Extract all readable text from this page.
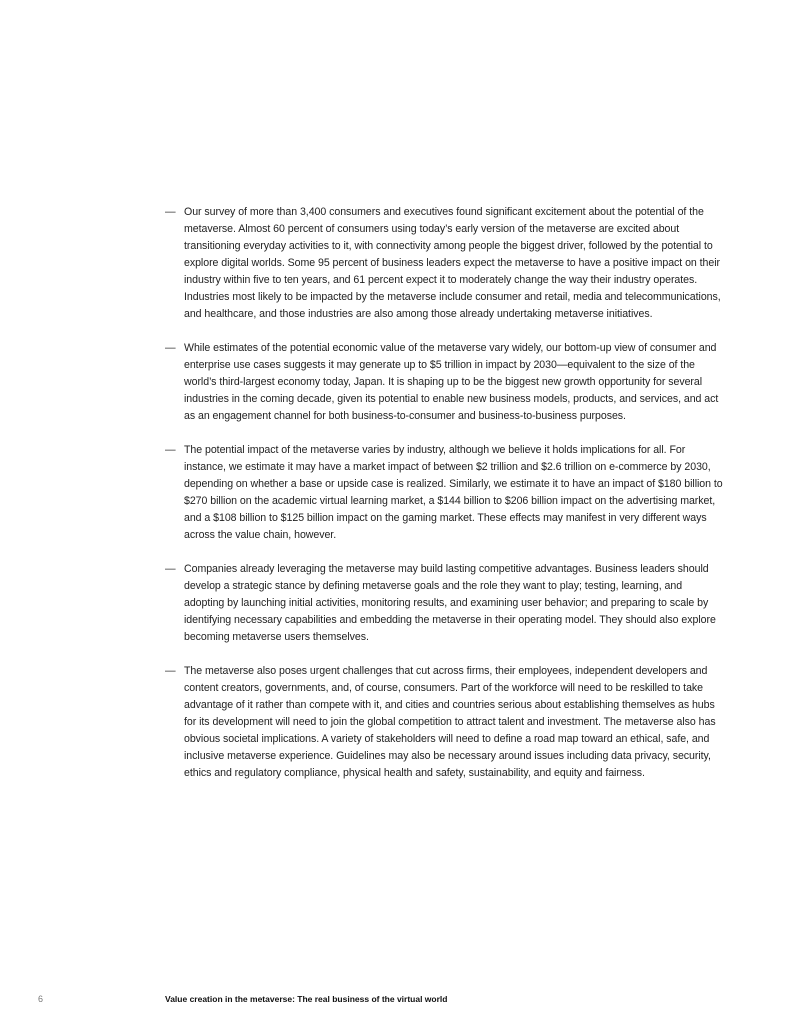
— Our survey of more than 3,400 consumers and executives found significant excitement about the potential of the metaverse. Almost 60 percent of consumers using today’s early version of the metaverse are excited about transitioning everyday activities to it, with connectivity among people the biggest driver, followed by the potential to explore digital worlds. Some 95 percent of business leaders expect the metaverse to have a positive impact on their industry within five to ten years, and 61 percent expect it to moderately change the way their industry operates. Industries most likely to be impacted by the metaverse include consumer and retail, media and telecommunications, and healthcare, and those industries are also among those already undertaking metaverse initiatives.
— While estimates of the potential economic value of the metaverse vary widely, our bottom-up view of consumer and enterprise use cases suggests it may generate up to $5 trillion in impact by 2030—equivalent to the size of the world’s third-largest economy today, Japan. It is shaping up to be the biggest new growth opportunity for several industries in the coming decade, given its potential to enable new business models, products, and services, and act as an engagement channel for both business-to-consumer and business-to-business purposes.
— The potential impact of the metaverse varies by industry, although we believe it holds implications for all. For instance, we estimate it may have a market impact of between $2 trillion and $2.6 trillion on e-commerce by 2030, depending on whether a base or upside case is realized. Similarly, we estimate it to have an impact of $180 billion to $270 billion on the academic virtual learning market, a $144 billion to $206 billion impact on the advertising market, and a $108 billion to $125 billion impact on the gaming market. These effects may manifest in very different ways across the value chain, however.
— Companies already leveraging the metaverse may build lasting competitive advantages. Business leaders should develop a strategic stance by defining metaverse goals and the role they want to play; testing, learning, and adopting by launching initial activities, monitoring results, and examining user behavior; and preparing to scale by identifying necessary capabilities and embedding the metaverse in their operating model. They should also explore becoming metaverse users themselves.
— The metaverse also poses urgent challenges that cut across firms, their employees, independent developers and content creators, governments, and, of course, consumers. Part of the workforce will need to be reskilled to take advantage of it rather than compete with it, and cities and countries serious about establishing themselves as hubs for its development will need to join the global competition to attract talent and investment. The metaverse also has obvious societal implications. A variety of stakeholders will need to define a road map toward an ethical, safe, and inclusive metaverse experience. Guidelines may also be necessary around issues including data privacy, security, ethics and regulatory compliance, physical health and safety, sustainability, and equity and fairness.
6	Value creation in the metaverse: The real business of the virtual world
